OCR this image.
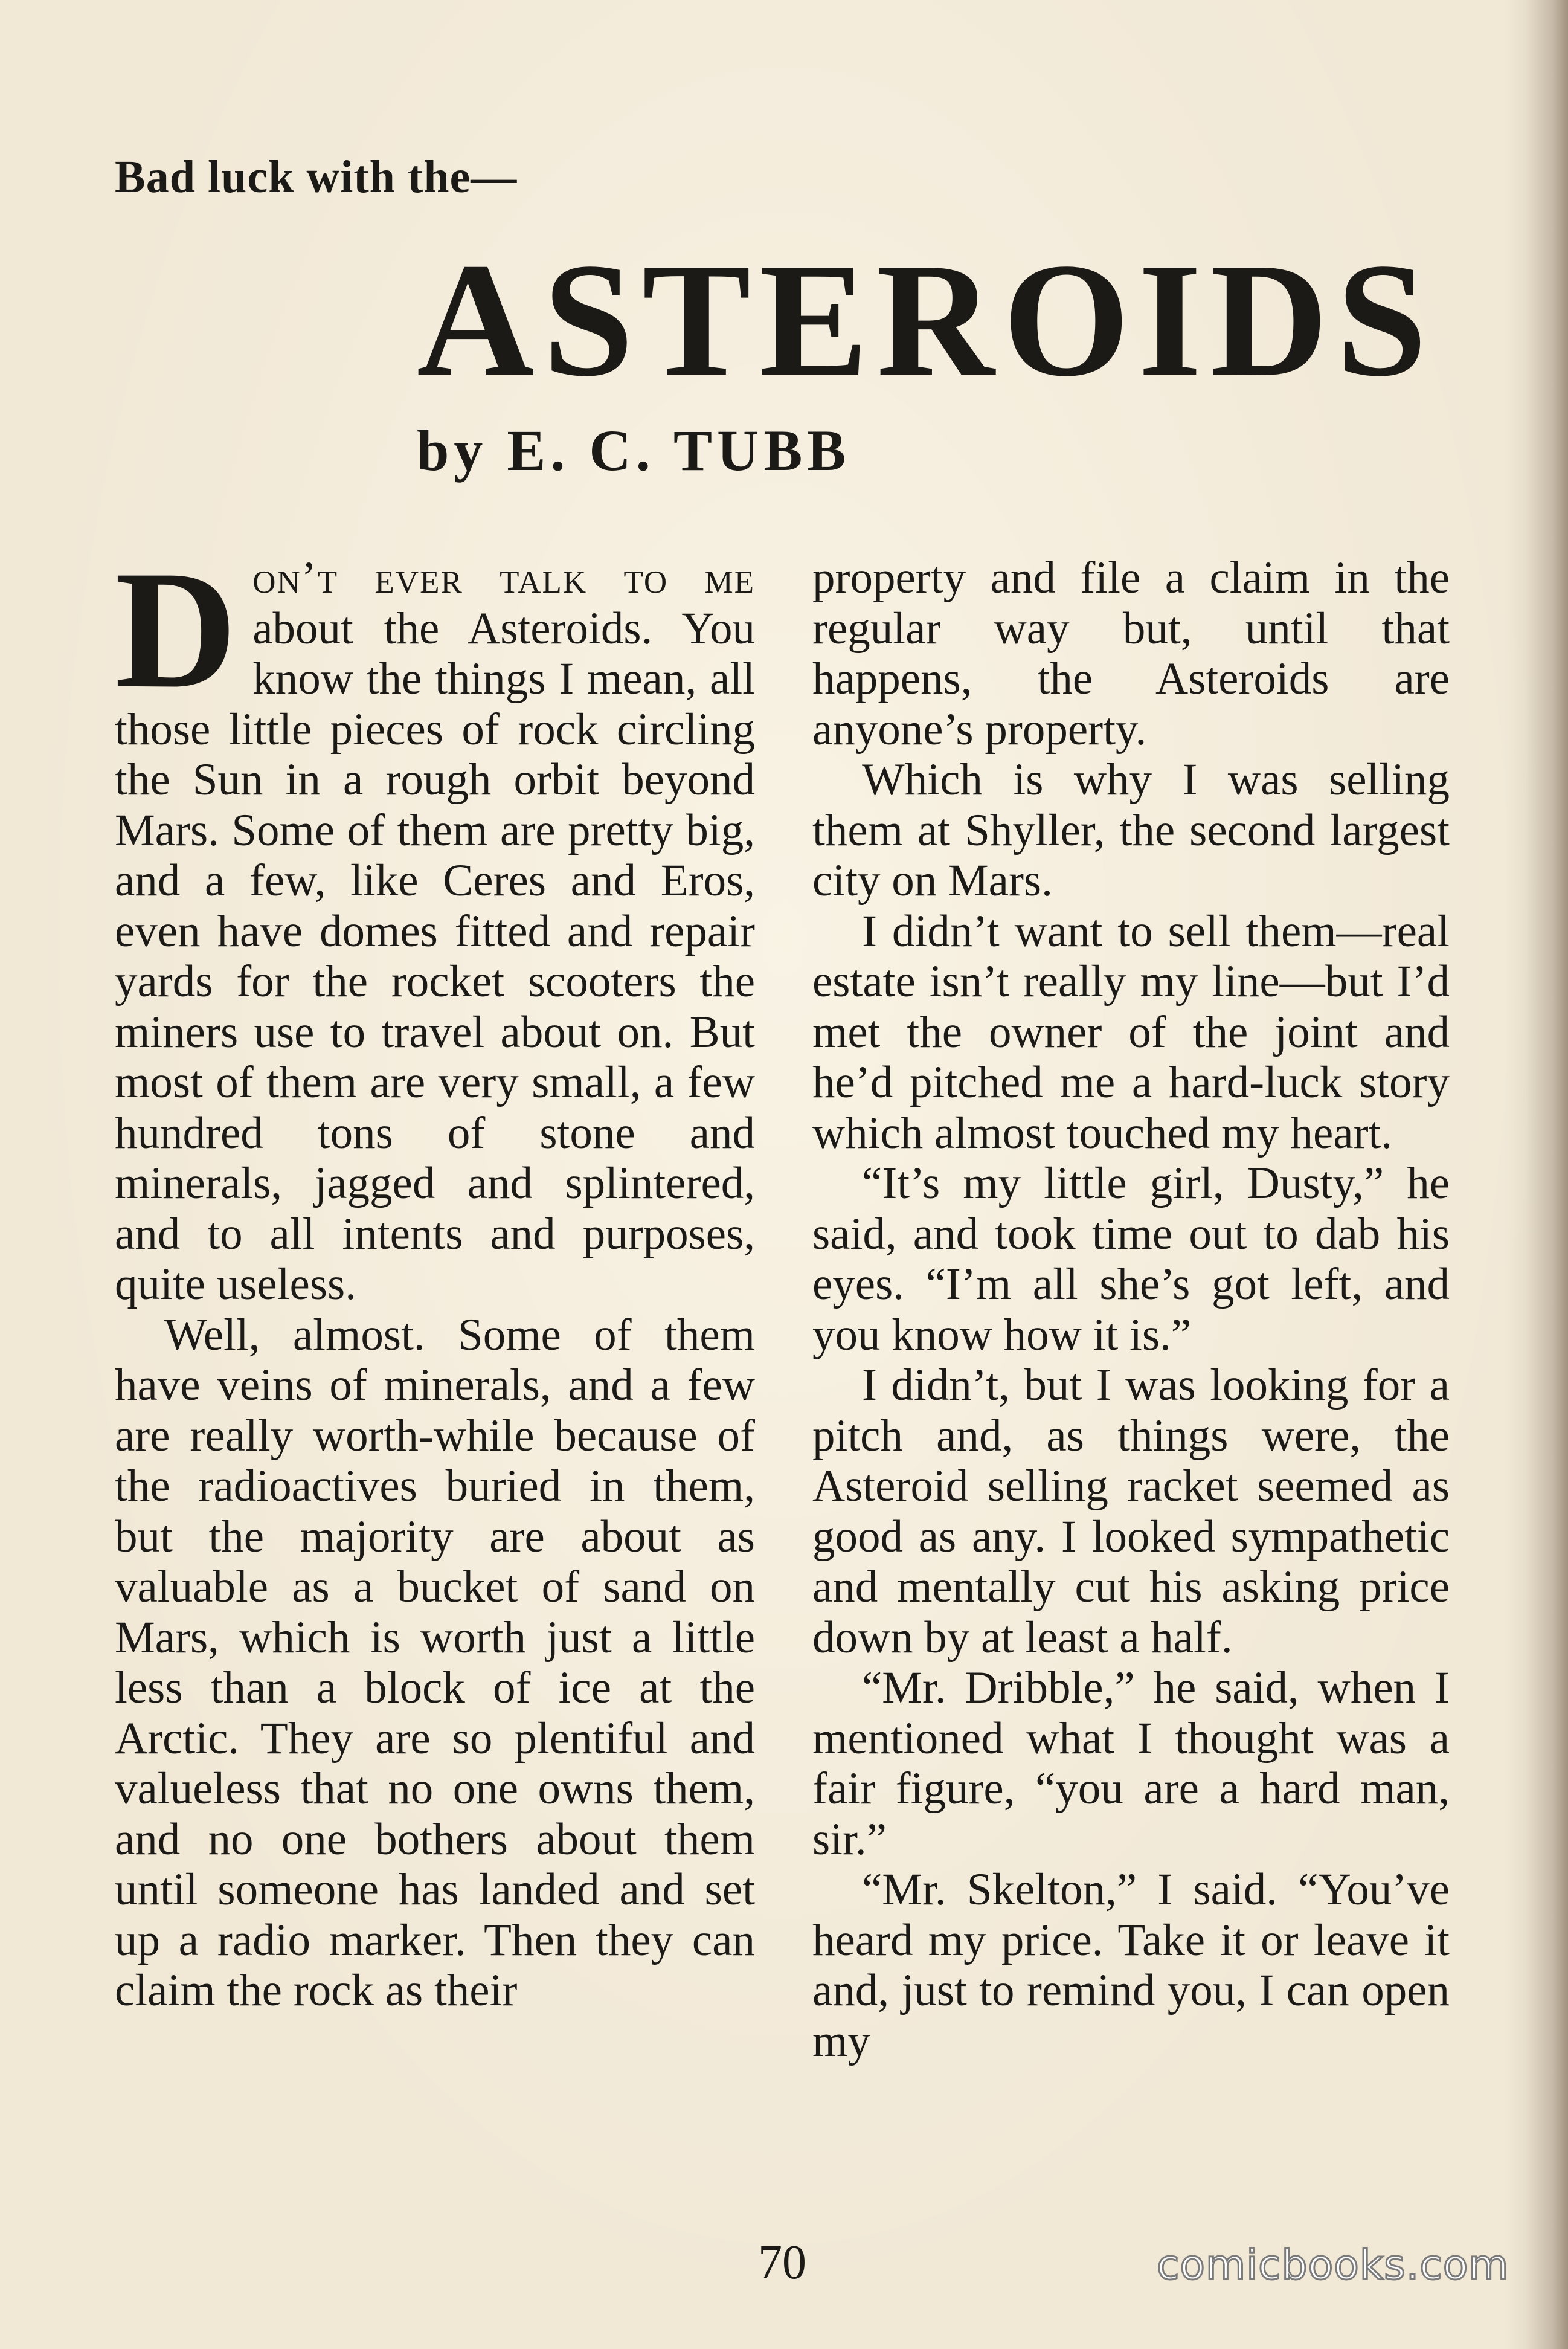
Bad luck with the—
ASTEROIDS
by E. C. TUBB

Don’t ever talk to me about the Asteroids. You know the things I mean, all those little pieces of rock circling the Sun in a rough orbit beyond Mars. Some of them are pretty big, and a few, like Ceres and Eros, even have domes fitted and repair yards for the rocket scooters the miners use to travel about on. But most of them are very small, a few hundred tons of stone and minerals, jagged and splintered, and to all intents and purposes, quite useless.

Well, almost. Some of them have veins of minerals, and a few are really worth-while because of the radioactives buried in them, but the majority are about as valuable as a bucket of sand on Mars, which is worth just a little less than a block of ice at the Arctic. They are so plentiful and valueless that no one owns them, and no one bothers about them until someone has landed and set up a radio marker. Then they can claim the rock as their

property and file a claim in the regular way but, until that happens, the Asteroids are anyone’s property.

Which is why I was selling them at Shyller, the second largest city on Mars.

I didn’t want to sell them—real estate isn’t really my line—but I’d met the owner of the joint and he’d pitched me a hard-luck story which almost touched my heart.

“It’s my little girl, Dusty,” he said, and took time out to dab his eyes. “I’m all she’s got left, and you know how it is.”

I didn’t, but I was looking for a pitch and, as things were, the Asteroid selling racket seemed as good as any. I looked sympathetic and mentally cut his asking price down by at least a half.

“Mr. Dribble,” he said, when I mentioned what I thought was a fair figure, “you are a hard man, sir.”

“Mr. Skelton,” I said. “You’ve heard my price. Take it or leave it and, just to remind you, I can open my

70	comicbooks.com
